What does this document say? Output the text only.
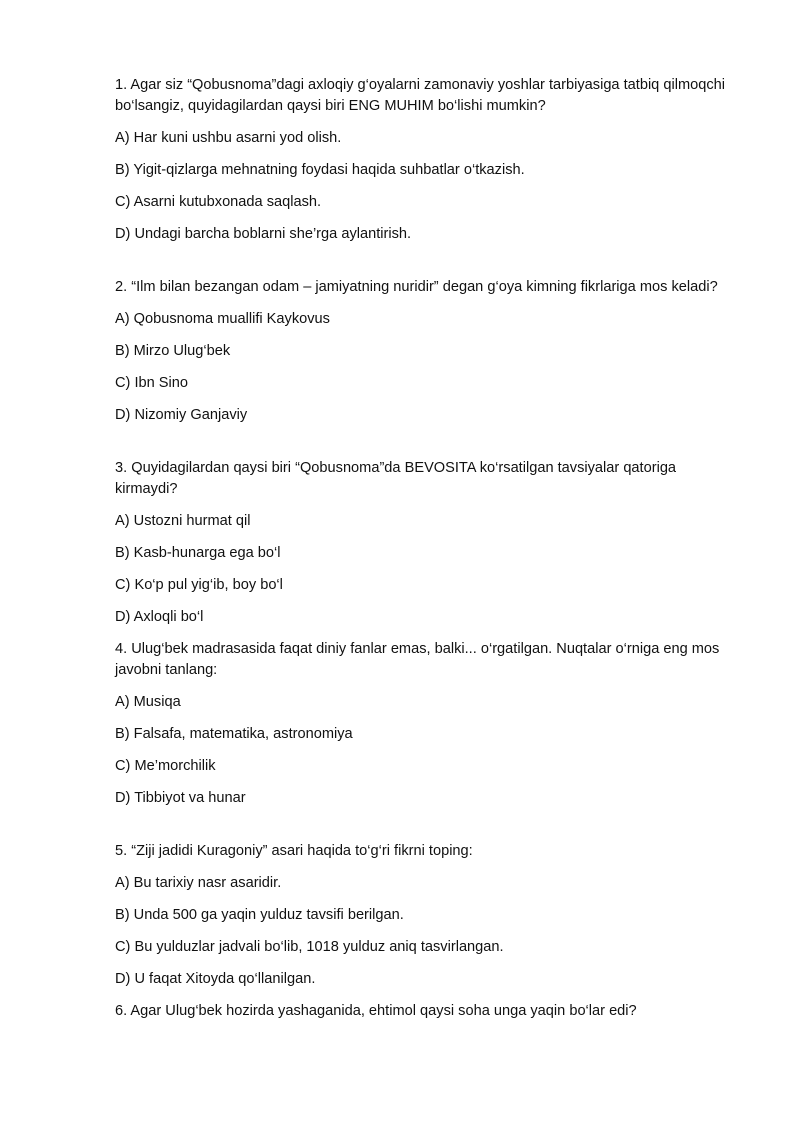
1. Agar siz “Qobusnoma”dagi axloqiy g‘oyalarni zamonaviy yoshlar tarbiyasiga tatbiq qilmoqchi bo‘lsangiz, quyidagilardan qaysi biri ENG MUHIM bo‘lishi mumkin?

A) Har kuni ushbu asarni yod olish.

B) Yigit-qizlarga mehnatning foydasi haqida suhbatlar o‘tkazish.

C) Asarni kutubxonada saqlash.

D) Undagi barcha boblarni she’rga aylantirish.

2. “Ilm bilan bezangan odam – jamiyatning nuridir” degan g‘oya kimning fikrlariga mos keladi?

A) Qobusnoma muallifi Kaykovus

B) Mirzo Ulug‘bek

C) Ibn Sino

D) Nizomiy Ganjaviy

3. Quyidagilardan qaysi biri “Qobusnoma”da BEVOSITA ko‘rsatilgan tavsiyalar qatoriga kirmaydi?

A) Ustozni hurmat qil

B) Kasb-hunarga ega bo‘l

C) Ko‘p pul yig‘ib, boy bo‘l

D) Axloqli bo‘l

4. Ulug‘bek madrasasida faqat diniy fanlar emas, balki... o‘rgatilgan. Nuqtalar o‘rniga eng mos javobni tanlang:

A) Musiqa

B) Falsafa, matematika, astronomiya

C) Me’morchilik

D) Tibbiyot va hunar

5. “Ziji jadidi Kuragoniy” asari haqida to‘g‘ri fikrni toping:

A) Bu tarixiy nasr asaridir.

B) Unda 500 ga yaqin yulduz tavsifi berilgan.

C) Bu yulduzlar jadvali bo‘lib, 1018 yulduz aniq tasvirlangan.

D) U faqat Xitoyda qo‘llanilgan.

6. Agar Ulug‘bek hozirda yashaganida, ehtimol qaysi soha unga yaqin bo‘lar edi?
